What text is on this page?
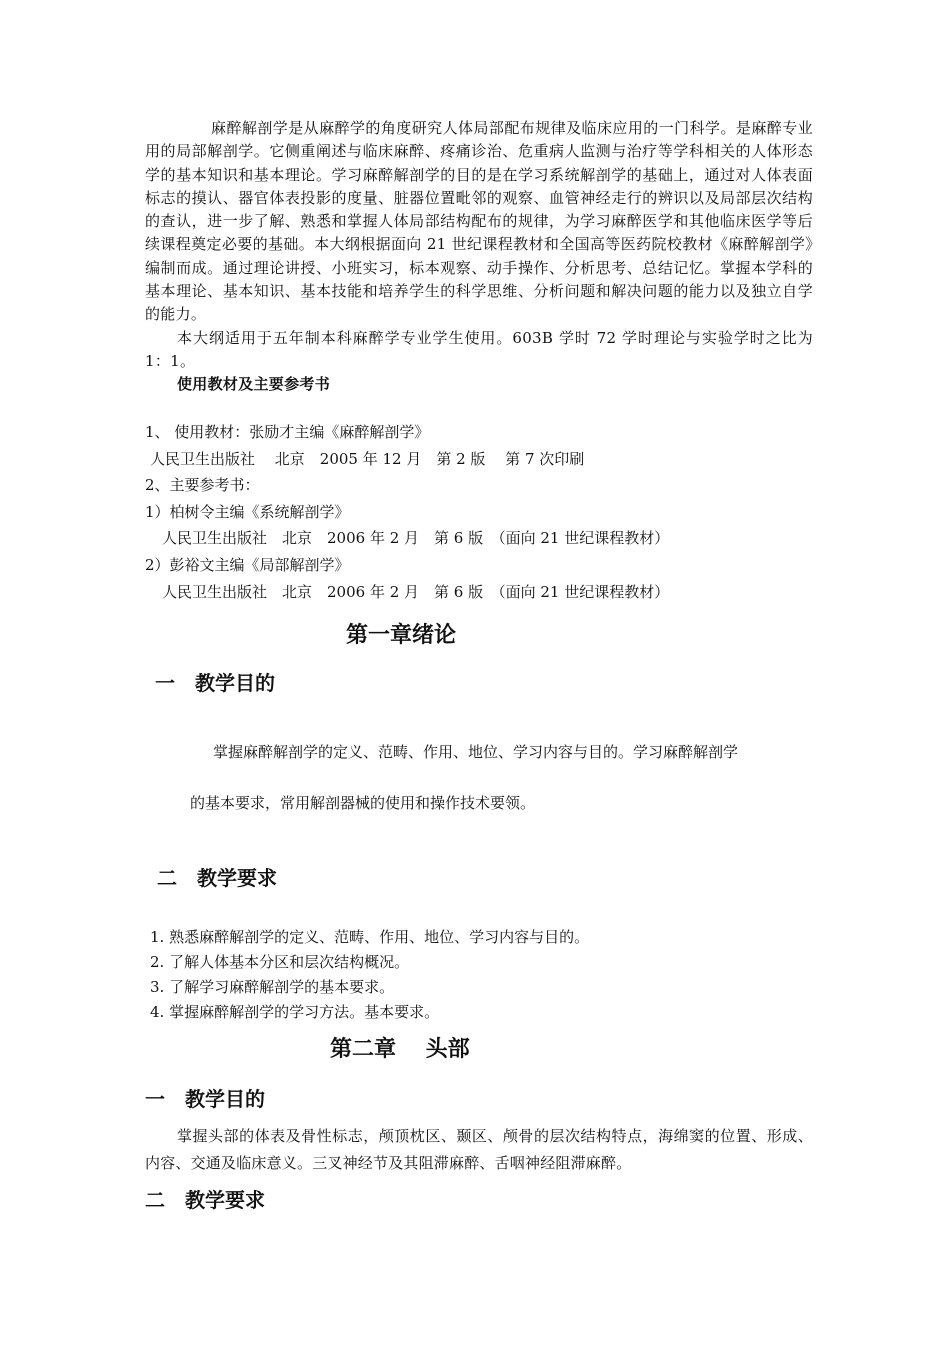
麻醉解剖学是从麻醉学的角度研究人体局部配布规律及临床应用的一门科学。是麻醉专业用的局部解剖学。它侧重阐述与临床麻醉、疼痛诊治、危重病人监测与治疗等学科相关的人体形态学的基本知识和基本理论。学习麻醉解剖学的目的是在学习系统解剖学的基础上，通过对人体表面标志的摸认、器官体表投影的度量、脏器位置毗邻的观察、血管神经走行的辨识以及局部层次结构的查认，进一步了解、熟悉和掌握人体局部结构配布的规律，为学习麻醉医学和其他临床医学等后续课程奠定必要的基础。本大纲根据面向 21 世纪课程教材和全国高等医药院校教材《麻醉解剖学》编制而成。通过理论讲授、小班实习，标本观察、动手操作、分析思考、总结记忆。掌握本学科的基本理论、基本知识、基本技能和培养学生的科学思维、分析问题和解决问题的能力以及独立自学的能力。

本大纲适用于五年制本科麻醉学专业学生使用。603B 学时 72 学时理论与实验学时之比为 1：1。

使用教材及主要参考书

1、 使用教材：张励才主编《麻醉解剖学》
人民卫生出版社　 北京　2005 年 12 月　第 2 版　 第 7 次印刷
2、主要参考书：
1）柏树令主编《系统解剖学》
人民卫生出版社　北京　2006 年 2 月　第 6 版　（面向 21 世纪课程教材）
2）彭裕文主编《局部解剖学》
人民卫生出版社　北京　2006 年 2 月　第 6 版　（面向 21 世纪课程教材）
第一章绪论
一　教学目的
掌握麻醉解剖学的定义、范畴、作用、地位、学习内容与目的。学习麻醉解剖学
的基本要求，常用解剖器械的使用和操作技术要领。
二　教学要求
1. 熟悉麻醉解剖学的定义、范畴、作用、地位、学习内容与目的。
2. 了解人体基本分区和层次结构概况。
3. 了解学习麻醉解剖学的基本要求。
4. 掌握麻醉解剖学的学习方法。基本要求。
第二章　 头部
一　教学目的

掌握头部的体表及骨性标志，颅顶枕区、颞区、颅骨的层次结构特点，海绵窦的位置、形成、内容、交通及临床意义。三叉神经节及其阻滞麻醉、舌咽神经阻滞麻醉。

二　教学要求
